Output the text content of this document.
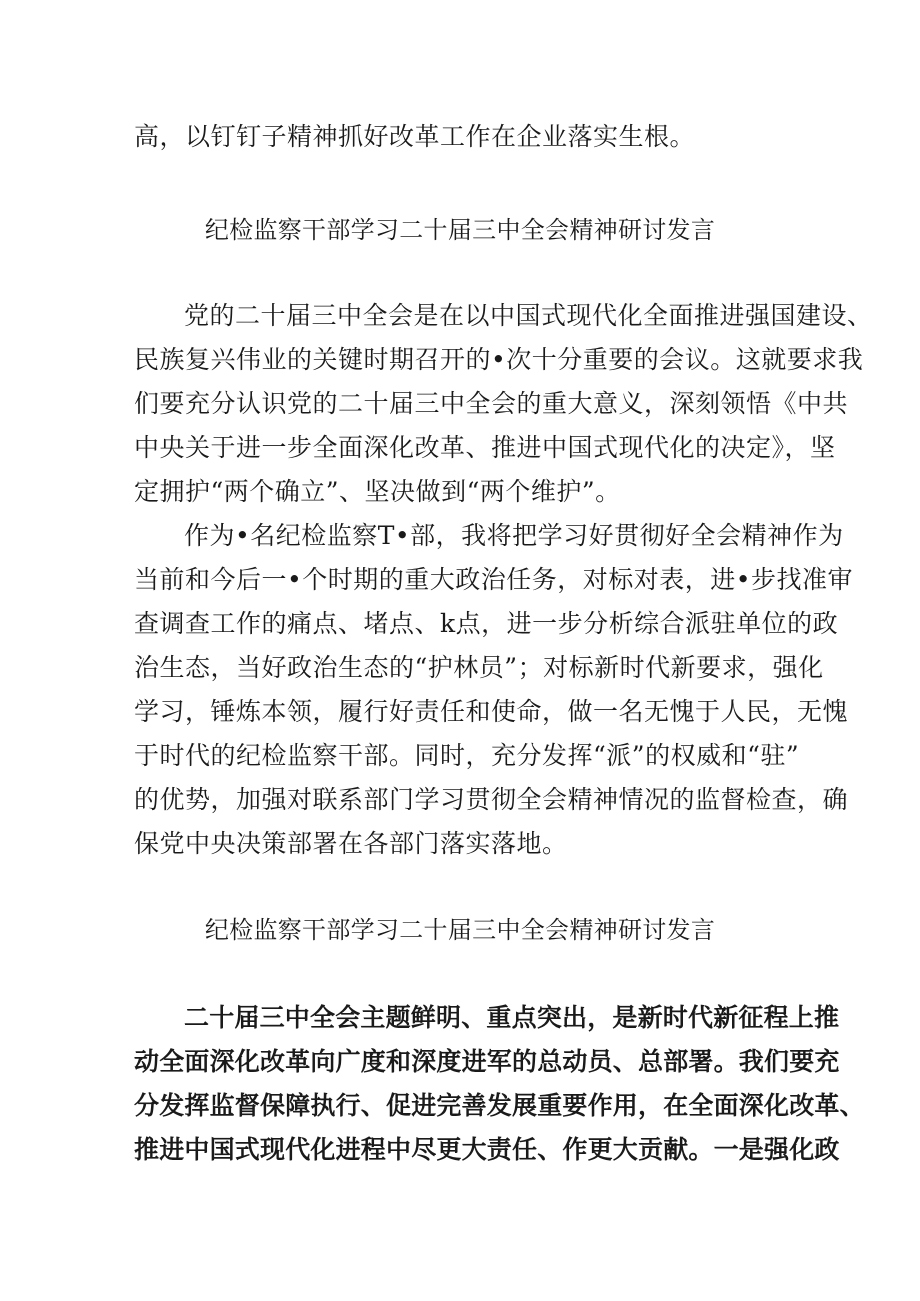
高，以钉钉子精神抓好改革工作在企业落实生根。
纪检监察干部学习二十届三中全会精神研讨发言
党的二十届三中全会是在以中国式现代化全面推进强国建设、
民族复兴伟业的关键时期召开的•次十分重要的会议。这就要求我
们要充分认识党的二十届三中全会的重大意义，深刻领悟《中共
中央关于进一步全面深化改革、推进中国式现代化的决定》，坚
定拥护“两个确立”、坚决做到“两个维护”。
作为•名纪检监察T•部，我将把学习好贯彻好全会精神作为
当前和今后一•个时期的重大政治任务，对标对表，进•步找准审
查调查工作的痛点、堵点、k点，进一步分析综合派驻单位的政
治生态，当好政治生态的“护林员”；对标新时代新要求，强化
学习，锤炼本领，履行好责任和使命，做一名无愧于人民，无愧
于时代的纪检监察干部。同时，充分发挥“派”的权威和“驻”
的优势，加强对联系部门学习贯彻全会精神情况的监督检查，确
保党中央决策部署在各部门落实落地。
纪检监察干部学习二十届三中全会精神研讨发言
二十届三中全会主题鲜明、重点突出，是新时代新征程上推
动全面深化改革向广度和深度进军的总动员、总部署。我们要充
分发挥监督保障执行、促进完善发展重要作用，在全面深化改革、
推进中国式现代化进程中尽更大责任、作更大贡献。一是强化政
